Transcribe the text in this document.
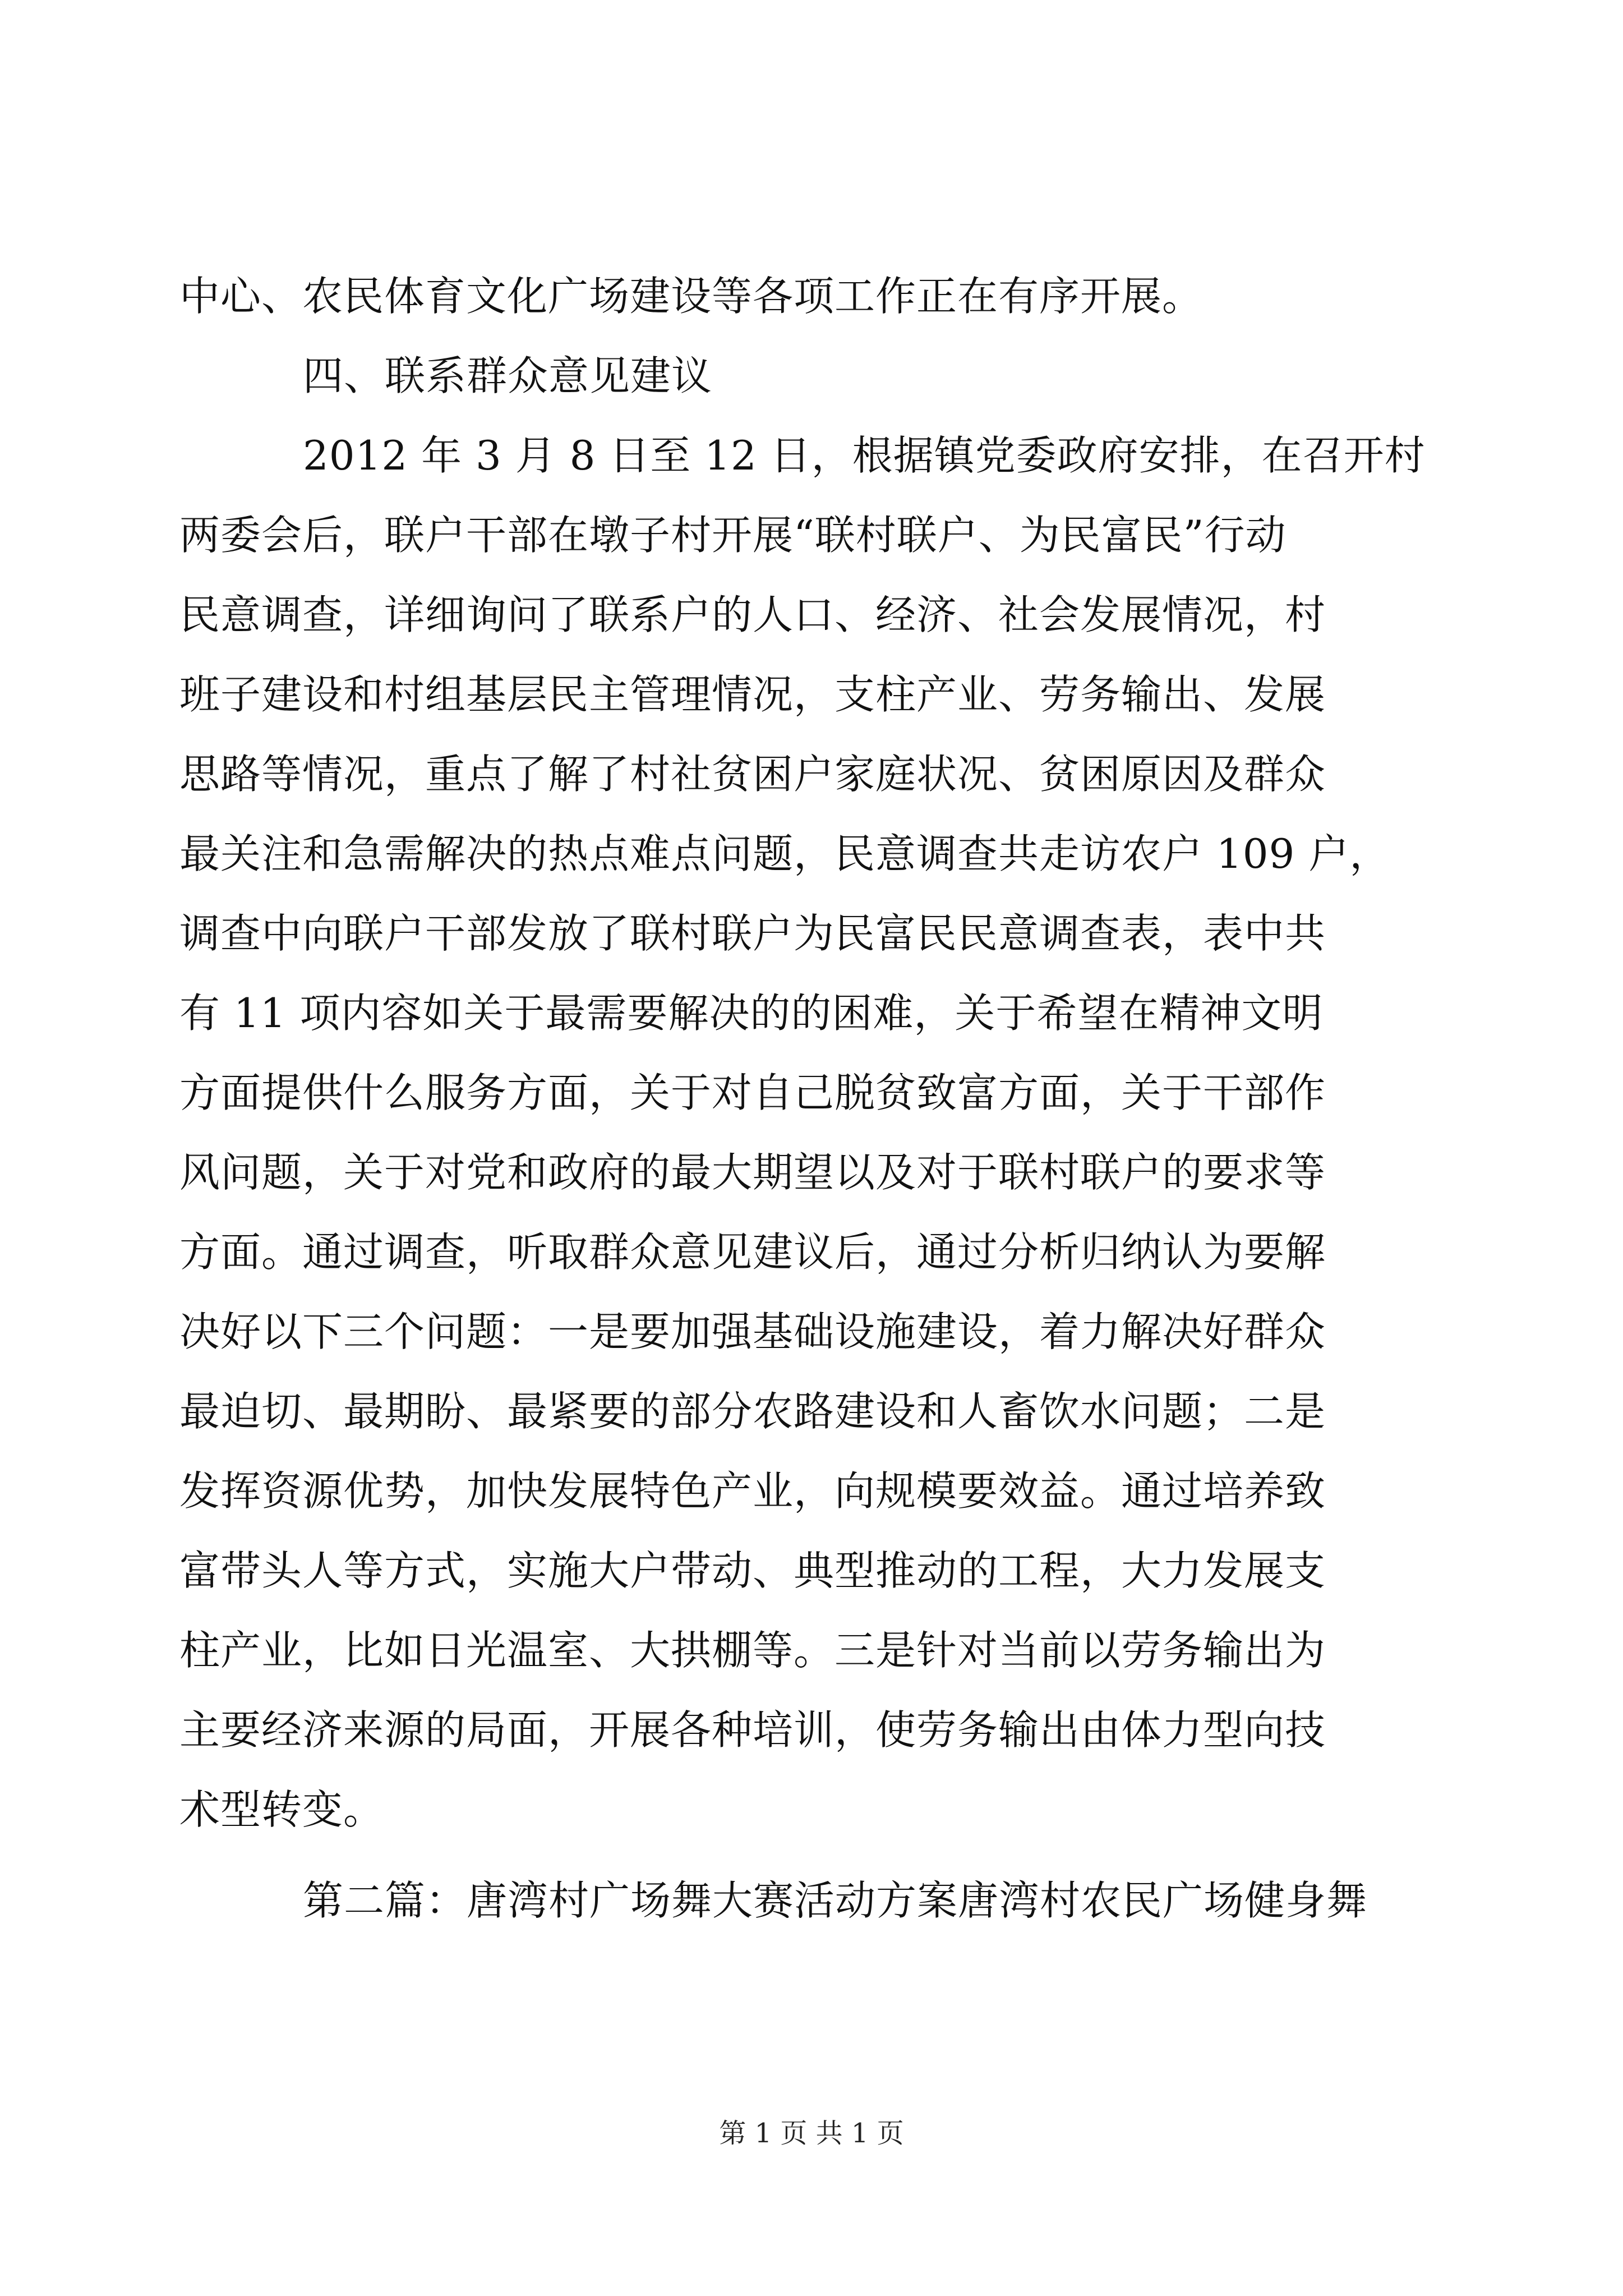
中心、农民体育文化广场建设等各项工作正在有序开展。
四、联系群众意见建议
2012 年 3 月 8 日至 12 日，根据镇党委政府安排，在召开村
两委会后，联户干部在墩子村开展“联村联户、为民富民”行动
民意调查，详细询问了联系户的人口、经济、社会发展情况，村
班子建设和村组基层民主管理情况，支柱产业、劳务输出、发展
思路等情况，重点了解了村社贫困户家庭状况、贫困原因及群众
最关注和急需解决的热点难点问题，民意调查共走访农户 109 户，
调查中向联户干部发放了联村联户为民富民民意调查表，表中共
有 11 项内容如关于最需要解决的的困难，关于希望在精神文明
方面提供什么服务方面，关于对自己脱贫致富方面，关于干部作
风问题，关于对党和政府的最大期望以及对于联村联户的要求等
方面。通过调查，听取群众意见建议后，通过分析归纳认为要解
决好以下三个问题：一是要加强基础设施建设，着力解决好群众
最迫切、最期盼、最紧要的部分农路建设和人畜饮水问题；二是
发挥资源优势，加快发展特色产业，向规模要效益。通过培养致
富带头人等方式，实施大户带动、典型推动的工程，大力发展支
柱产业，比如日光温室、大拱棚等。三是针对当前以劳务输出为
主要经济来源的局面，开展各种培训，使劳务输出由体力型向技
术型转变。
第二篇：唐湾村广场舞大赛活动方案唐湾村农民广场健身舞
第 1 页 共 1 页
